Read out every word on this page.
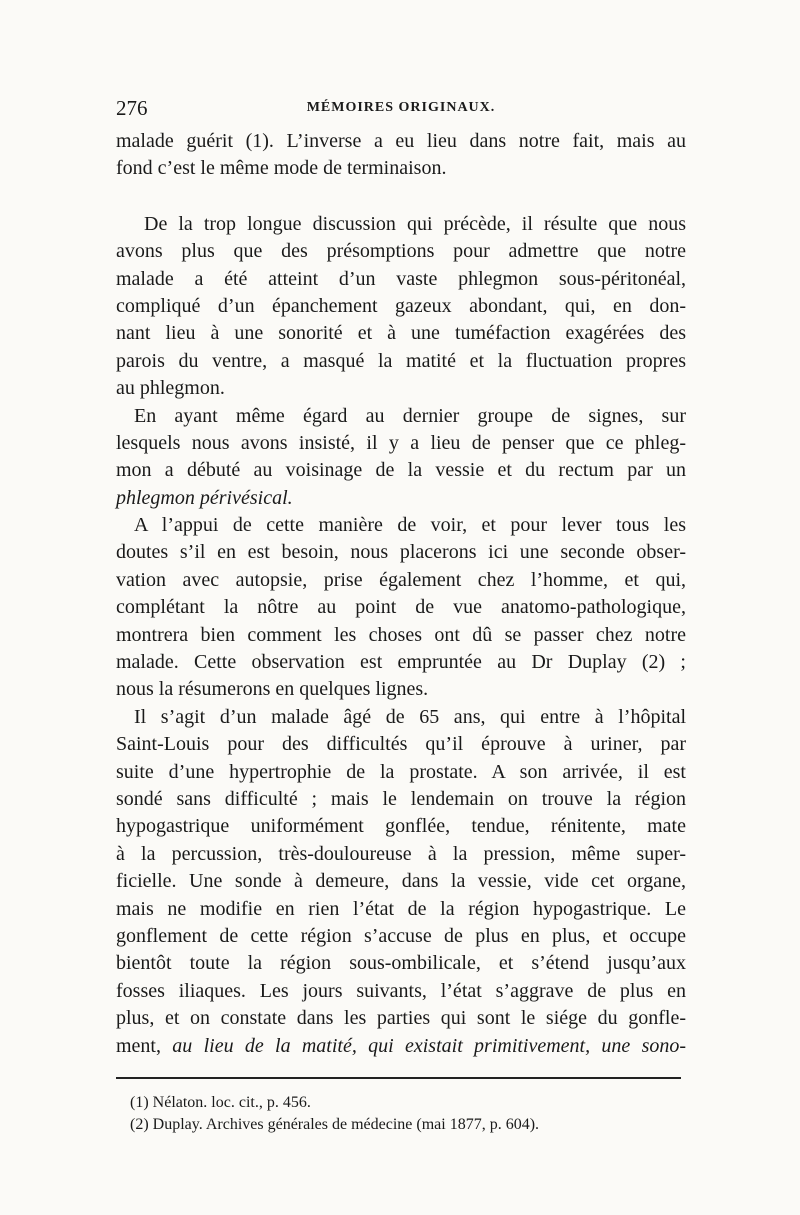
276	MÉMOIRES ORIGINAUX.
malade guérit (1). L’inverse a eu lieu dans notre fait, mais au
fond c’est le même mode de terminaison.
De la trop longue discussion qui précède, il résulte que nous
avons plus que des présomptions pour admettre que notre
malade a été atteint d’un vaste phlegmon sous-péritonéal,
compliqué d’un épanchement gazeux abondant, qui, en don-
nant lieu à une sonorité et à une tuméfaction exagérées des
parois du ventre, a masqué la matité et la fluctuation propres
au phlegmon.
En ayant même égard au dernier groupe de signes, sur
lesquels nous avons insisté, il y a lieu de penser que ce phleg-
mon a débuté au voisinage de la vessie et du rectum par un
phlegmon périvésical.
A l’appui de cette manière de voir, et pour lever tous les
doutes s’il en est besoin, nous placerons ici une seconde obser-
vation avec autopsie, prise également chez l’homme, et qui,
complétant la nôtre au point de vue anatomo-pathologique,
montrera bien comment les choses ont dû se passer chez notre
malade. Cette observation est empruntée au Dr Duplay (2) ;
nous la résumerons en quelques lignes.
Il s’agit d’un malade âgé de 65 ans, qui entre à l’hôpital
Saint-Louis pour des difficultés qu’il éprouve à uriner, par
suite d’une hypertrophie de la prostate. A son arrivée, il est
sondé sans difficulté ; mais le lendemain on trouve la région
hypogastrique uniformément gonflée, tendue, rénitente, mate
à la percussion, très-douloureuse à la pression, même super-
ficielle. Une sonde à demeure, dans la vessie, vide cet organe,
mais ne modifie en rien l’état de la région hypogastrique. Le
gonflement de cette région s’accuse de plus en plus, et occupe
bientôt toute la région sous-ombilicale, et s’étend jusqu’aux
fosses iliaques. Les jours suivants, l’état s’aggrave de plus en
plus, et on constate dans les parties qui sont le siége du gonfle-
ment, au lieu de la matité, qui existait primitivement, une sono-
(1) Nélaton. loc. cit., p. 456.
(2) Duplay. Archives générales de médecine (mai 1877, p. 604).
